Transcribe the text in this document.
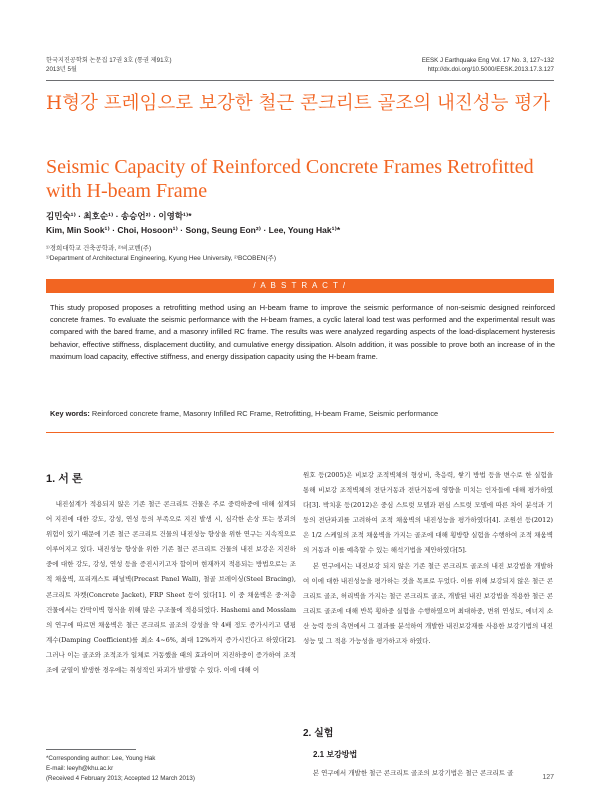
한국지진공학회 논문집 17권 3호 (통권 제91호)
2013년 5월
EESK J Earthquake Eng Vol. 17 No. 3, 127~132
http://dx.doi.org/10.5000/EESK.2013.17.3.127
H형강 프레임으로 보강한 철근 콘크리트 골조의 내진성능 평가
Seismic Capacity of Reinforced Concrete Frames Retrofitted with H-beam Frame
김민숙¹⁾ · 최호순¹⁾ · 송승언²⁾ · 이영학¹⁾*
Kim, Min Sook¹⁾ · Choi, Hosoon¹⁾ · Song, Seung Eon²⁾ · Lee, Young Hak¹⁾*
¹⁾경희대학교 건축공학과, ²⁾비코벤(주)
¹⁾Department of Architectural Engineering, Kyung Hee University, ²⁾BCOBEN(주)
/ A B S T R A C T /
This study proposed proposes a retrofitting method using an H-beam frame to improve the seismic performance of non-seismic designed reinforced concrete frames. To evaluate the seismic performance with the H-beam frames, a cyclic lateral load test was performed and the experimental result was compared with the bared frame, and a masonry infilled RC frame. The results was were analyzed regarding aspects of the load-displacement hysteresis behavior, effective stiffness, displacement ductility, and cumulative energy dissipation. AlsoIn addition, it was possible to prove both an increase of in the maximum load capacity, effective stiffness, and energy dissipation capacity using the H-beam frame.
Key words: Reinforced concrete frame, Masonry Infilled RC Frame, Retrofitting, H-beam Frame, Seismic performance
1. 서 론

내진설계가 적용되지 않은 기존 철근 콘크리트 건물은 주로 중력하중에 대해 설계되어 지진에 대한 강도, 강성, 연성 등의 부족으로 지진 발생 시, 심각한 손상 또는 붕괴의 위험이 있기 때문에 기존 철근 콘크리트 건물의 내진성능 향상을 위한 연구는 지속적으로 이루어지고 있다. 내진성능 향상을 위한 기존 철근 콘크리트 건물의 내진 보강은 지진하중에 대한 강도, 강성, 연성 등을 증진시키고자 합이며 현재까지 적용되는 방법으로는 조적 채움벽, 프리캐스트 패널벽(Precast Panel Wall), 철골 브레이싱(Steel Bracing), 콘크리트 자켓(Concrete Jacket), FRP Sheet 등이 있다[1]. 이 중 채움벽은 중·저층 건물에서는 칸막이벽 형식을 위해 많은 구조물에 적용되었다. Hashemi and Mosslam의 연구에 따르면 채움벽은 철근 콘크리트 골조의 강성을 약 4배 정도 증가시키고 댐핑 계수(Damping Coefficient)를 최소 4~6%, 최대 12%까지 증가시킨다고 하였다[2]. 그러나 이는 골조와 조적조가 일체로 거동했을 때의 효과이며 지진하중이 증가하여 조적조에 균열이 발생한 경우에는 취성적인 파괴가 발생할 수 있다. 이에 대해 이

원호 등(2005)은 비보강 조적벽체의 형상비, 축응력, 쌓기 방법 등을 변수로 한 실험을 통해 비보강 조적벽체의 전단거동과 전단거동에 영향을 미치는 인자들에 대해 평가하였다[3]. 박치훈 등(2012)은 중심 스트럿 모델과 편심 스트럿 모델에 따른 차이 분석과 기둥의 전단파괴를 고려하여 조적 채움벽의 내진성능을 평가하였다[4]. 조원선 등(2012)은 1/2 스케일의 조적 채움벽을 가지는 골조에 대해 횡방향 실험을 수행하여 조적 채움벽의 거동과 이를 예측할 수 있는 해석기법을 제안하였다[5].

본 연구에서는 내진보강 되지 않은 기존 철근 콘크리트 골조의 내진 보강법을 개발하여 이에 대한 내진성능을 평가하는 것을 목표로 두었다. 이를 위해 보강되지 않은 철근 콘크리트 골조, 허리벽을 가지는 철근 콘크리트 골조, 개발된 내진 보강법을 적용한 철근 콘크리트 골조에 대해 반복 횡하중 실험을 수행하였으며 최대하중, 변위 연성도, 에너지 소산 능력 등의 측면에서 그 결과를 분석하여 개발한 내진보강재를 사용한 보강기법의 내진성능 및 그 적용 가능성을 평가하고자 하였다.

2. 실험
2.1 보강방법
본 연구에서 개발한 철근 콘크리트 골조의 보강기법은 철근 콘크리트 골
*Corresponding author: Lee, Young Hak
E-mail: leeyh@khu.ac.kr
(Received 4 February 2013; Accepted 12 March 2013)	127
